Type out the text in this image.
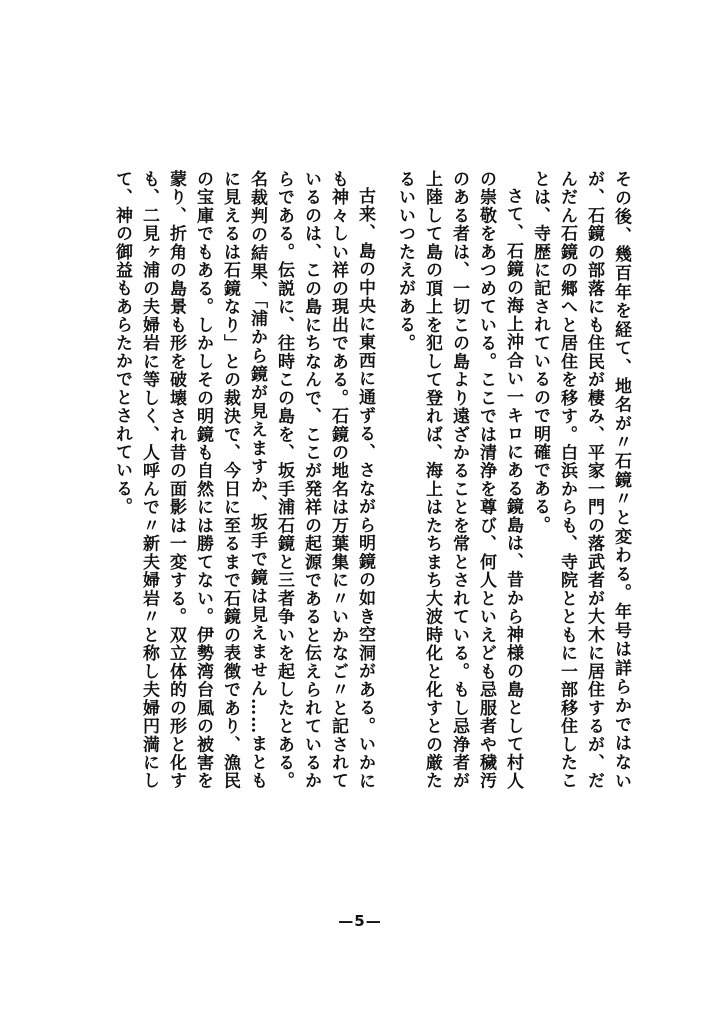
その後、幾百年を経て、地名が〃石鏡〃と変わる。年号は詳らかではないが、石鏡の部落にも住民が棲み、平家一門の落武者が大木に居住するが、だんだん石鏡の郷へと居住を移す。白浜からも、寺院とともに一部移住したことは、寺歴に記されているので明確である。

さて、石鏡の海上沖合い一キロにある鏡島は、昔から神様の島として村人の崇敬をあつめている。ここでは清浄を尊び、何人といえども忌服者や穢汚のある者は、一切この島より遠ざかることを常とされている。もし忌浄者が上陸して島の頂上を犯して登れば、海上はたちまち大波時化と化すとの厳たるいいつたえがある。

古来、島の中央に東西に通ずる、さながら明鏡の如き空洞がある。いかにも神々しい祥の現出である。石鏡の地名は万葉集に〃いかなご〃と記されているのは、この島にちなんで、ここが発祥の起源であると伝えられているからである。伝説に、往時この島を、坂手浦石鏡と三者争いを起したとある。名裁判の結果、「浦から鏡が見えますか、坂手で鏡は見えません……まともに見えるは石鏡なり」との裁決で、今日に至るまで石鏡の表徴であり、漁民の宝庫でもある。しかしその明鏡も自然には勝てない。伊勢湾台風の被害を蒙り、折角の島景も形を破壊され昔の面影は一変する。双立体的の形と化すも、二見ヶ浦の夫婦岩に等しく、人呼んで〃新夫婦岩〃と称し夫婦円満にして、神の御益もあらたかでとされている。

—5—
